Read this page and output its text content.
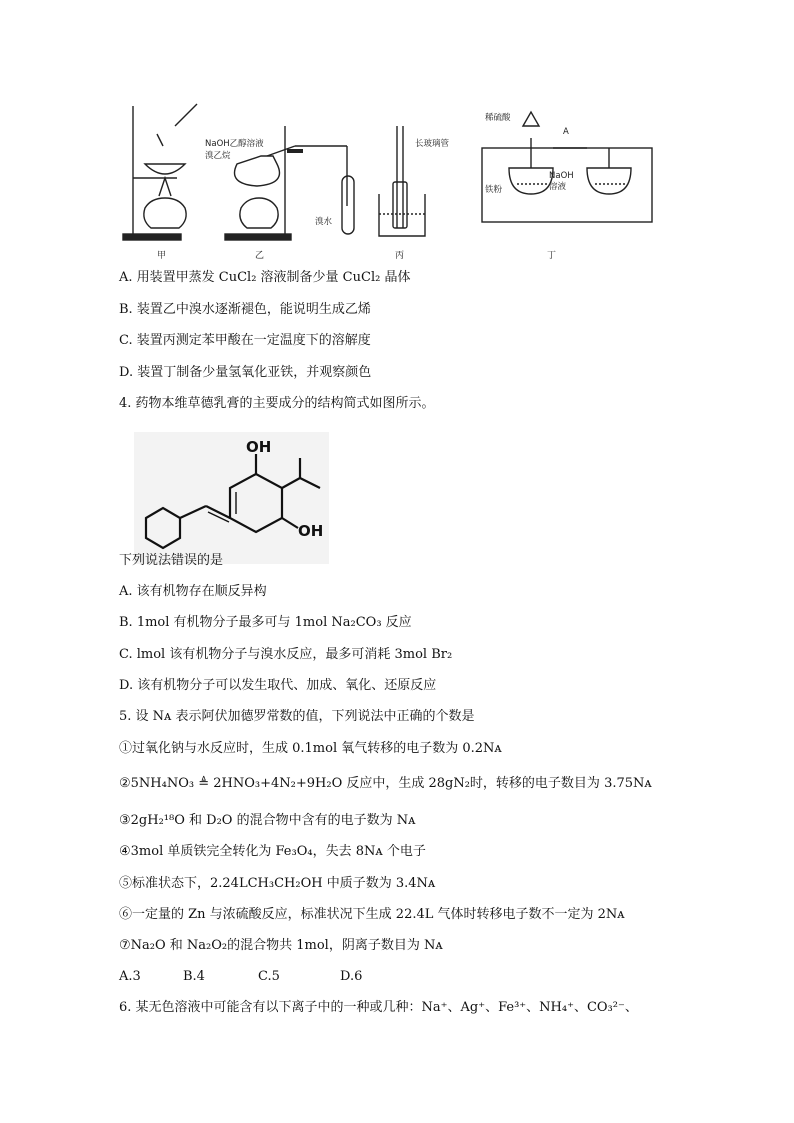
甲	乙	丙	丁
NaOH乙醇溶液
溴乙烷
溴水
长玻璃管
稀硫酸
A
铁粉
NaOH
溶液
A. 用装置甲蒸发 CuCl₂ 溶液制备少量 CuCl₂ 晶体
B. 装置乙中溴水逐渐褪色，能说明生成乙烯
C. 装置丙测定苯甲酸在一定温度下的溶解度
D. 装置丁制备少量氢氧化亚铁，并观察颜色
4. 药物本维草德乳膏的主要成分的结构简式如图所示。
OH
OH
下列说法错误的是
A. 该有机物存在顺反异构
B. 1mol 有机物分子最多可与 1mol Na₂CO₃ 反应
C. lmol 该有机物分子与溴水反应，最多可消耗 3mol Br₂
D. 该有机物分子可以发生取代、加成、氧化、还原反应
5. 设 Nᴀ 表示阿伏加德罗常数的值，下列说法中正确的个数是
①过氧化钠与水反应时，生成 0.1mol 氧气转移的电子数为 0.2Nᴀ
②5NH₄NO₃ ≜ 2HNO₃+4N₂+9H₂O 反应中，生成 28gN₂时，转移的电子数目为 3.75Nᴀ
③2gH₂¹⁸O 和 D₂O 的混合物中含有的电子数为 Nᴀ
④3mol 单质铁完全转化为 Fe₃O₄，失去 8Nᴀ 个电子
⑤标准状态下，2.24LCH₃CH₂OH 中质子数为 3.4Nᴀ
⑥一定量的 Zn 与浓硫酸反应，标准状况下生成 22.4L 气体时转移电子数不一定为 2Nᴀ
⑦Na₂O 和 Na₂O₂的混合物共 1mol，阴离子数目为 Nᴀ
A.3	B.4	C.5	D.6
6. 某无色溶液中可能含有以下离子中的一种或几种：Na⁺、Ag⁺、Fe³⁺、NH₄⁺、CO₃²⁻、
